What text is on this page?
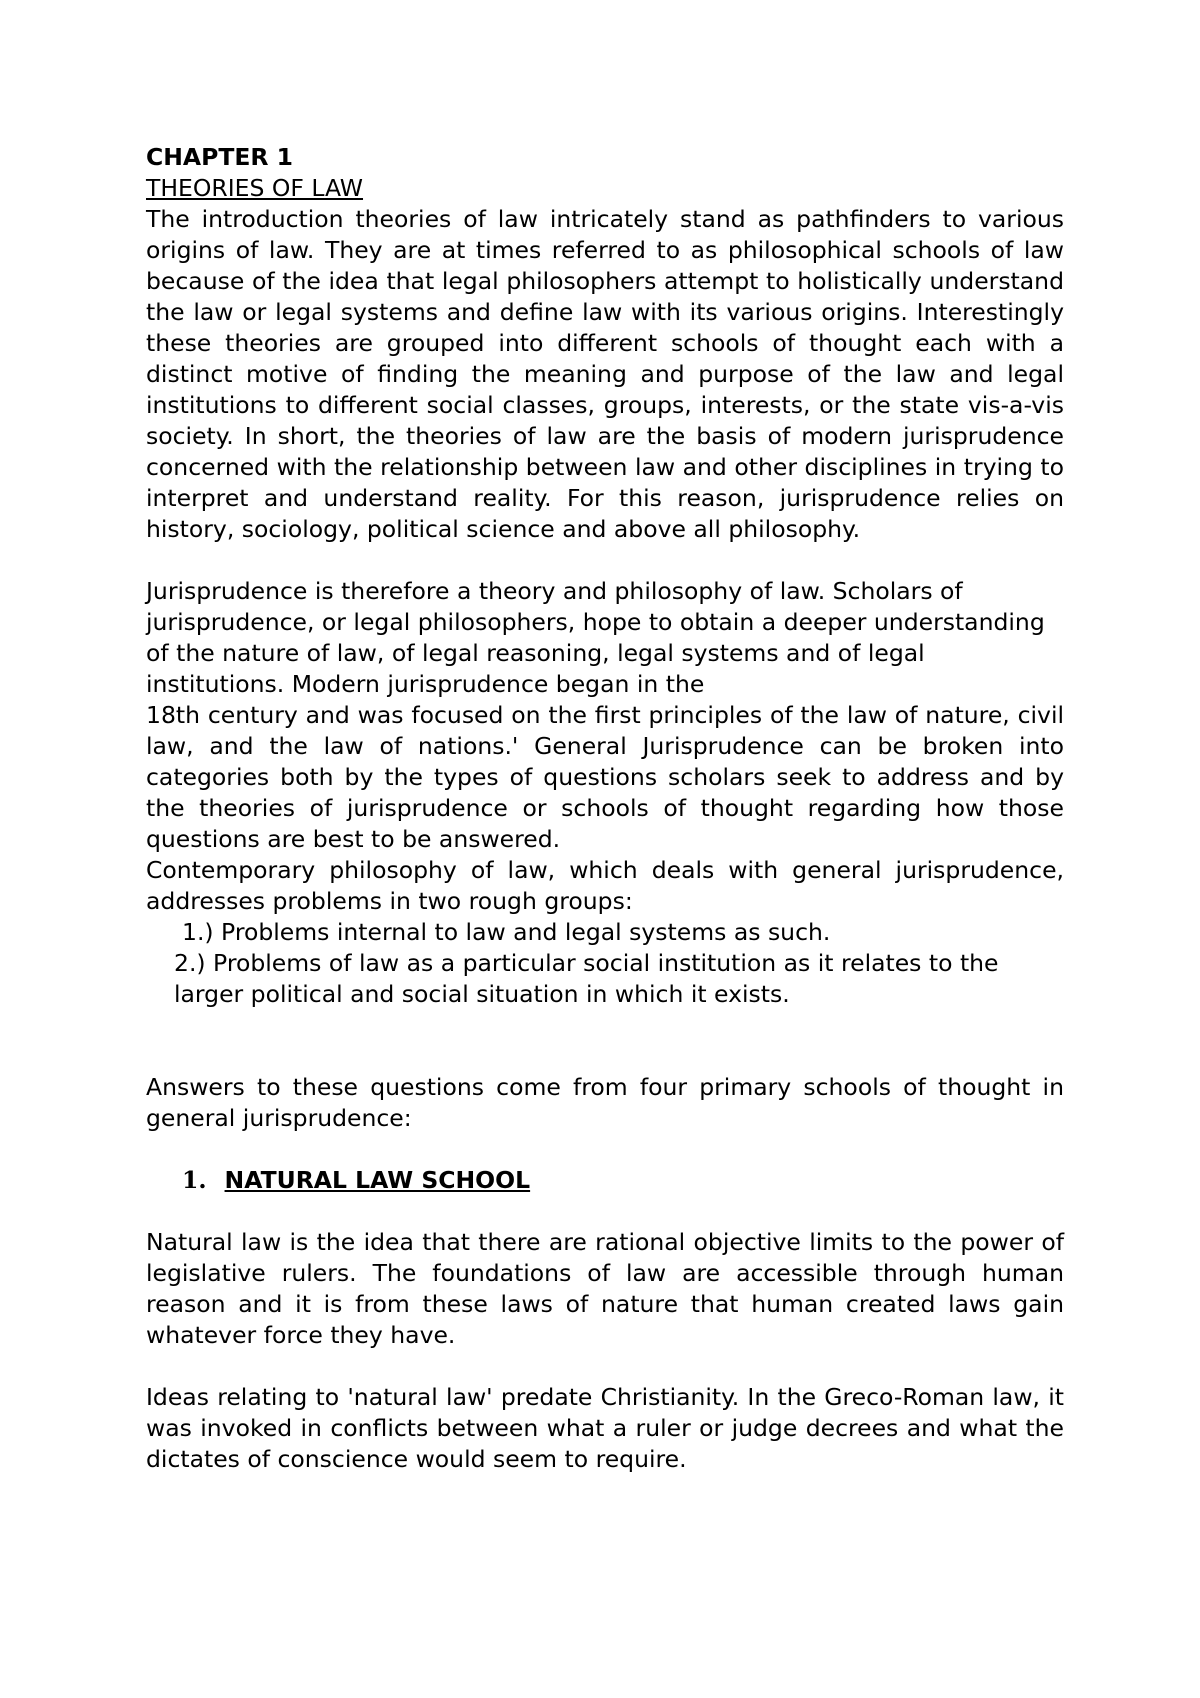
CHAPTER 1
THEORIES OF LAW

The introduction theories of law intricately stand as pathfinders to various origins of law. They are at times referred to as philosophical schools of law because of the idea that legal philosophers attempt to holistically understand the law or legal systems and define law with its various origins. Interestingly these theories are grouped into different schools of thought each with a distinct motive of finding the meaning and purpose of the law and legal institutions to different social classes, groups, interests, or the state vis-a-vis society. In short, the theories of law are the basis of modern jurisprudence concerned with the relationship between law and other disciplines in trying to interpret and understand reality. For this reason, jurisprudence relies on history, sociology, political science and above all philosophy.

Jurisprudence is therefore a theory and philosophy of law. Scholars of jurisprudence, or legal philosophers, hope to obtain a deeper understanding of the nature of law, of legal reasoning, legal systems and of legal institutions. Modern jurisprudence began in the

18th century and was focused on the first principles of the law of nature, civil law, and the law of nations.' General Jurisprudence can be broken into categories both by the types of questions scholars seek to address and by the theories of jurisprudence or schools of thought regarding how those questions are best to be answered.

Contemporary philosophy of law, which deals with general jurisprudence, addresses problems in two rough groups:

1.) Problems internal to law and legal systems as such.
2.) Problems of law as a particular social institution as it relates to the larger political and social situation in which it exists.

Answers to these questions come from four primary schools of thought in general jurisprudence:

1. NATURAL LAW SCHOOL

Natural law is the idea that there are rational objective limits to the power of legislative rulers. The foundations of law are accessible through human reason and it is from these laws of nature that human created laws gain whatever force they have.

Ideas relating to 'natural law' predate Christianity. In the Greco-Roman law, it was invoked in conflicts between what a ruler or judge decrees and what the dictates of conscience would seem to require.
